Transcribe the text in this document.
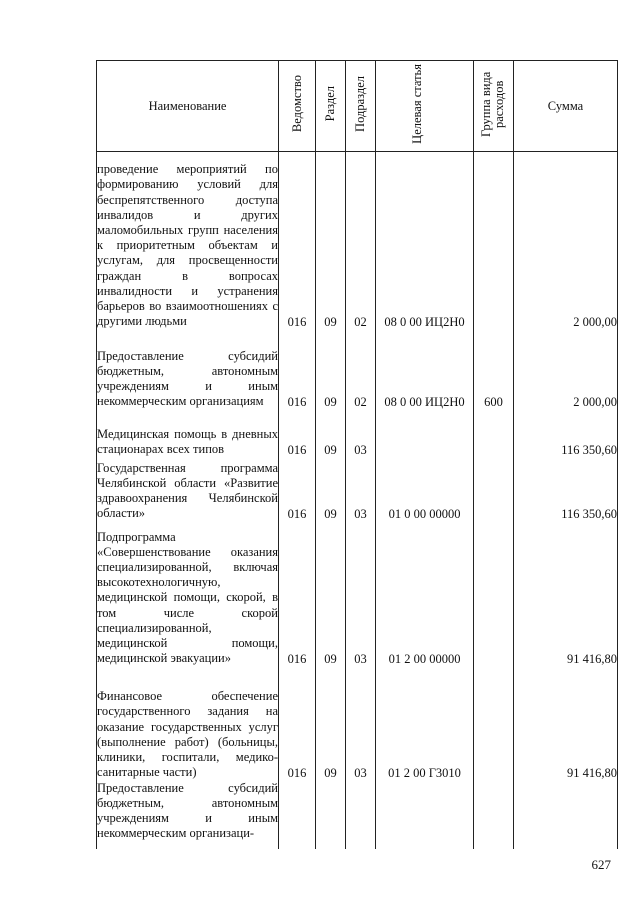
Наименование	Ведомство	Раздел	Подраздел	Целевая статья	Группа вида расходов	Сумма

проведение мероприятий по формированию условий для беспрепятственного доступа инвалидов и других маломобильных групп населения к приоритетным объектам и услугам, для просвещенности граждан в вопросах инвалидности и устранения барьеров во взаимоотношениях с другими людьми	016	09	02	08 0 00 ИЦ2Н0		2 000,00

Предоставление субсидий бюджетным, автономным учреждениям и иным некоммерческим организациям	016	09	02	08 0 00 ИЦ2Н0	600	2 000,00

Медицинская помощь в дневных стационарах всех типов	016	09	03			116 350,60

Государственная программа Челябинской области «Развитие здравоохранения Челябинской области»	016	09	03	01 0 00 00000		116 350,60

Подпрограмма «Совершенствование оказания специализированной, включая высокотехнологичную, медицинской помощи, скорой, в том числе скорой специализированной, медицинской помощи, медицинской эвакуации»	016	09	03	01 2 00 00000		91 416,80

Финансовое обеспечение государственного задания на оказание государственных услуг (выполнение работ) (больницы, клиники, госпитали, медико-санитарные части)	016	09	03	01 2 00 Г3010		91 416,80

Предоставление субсидий бюджетным, автономным учреждениям и иным некоммерческим организаци-						

627
